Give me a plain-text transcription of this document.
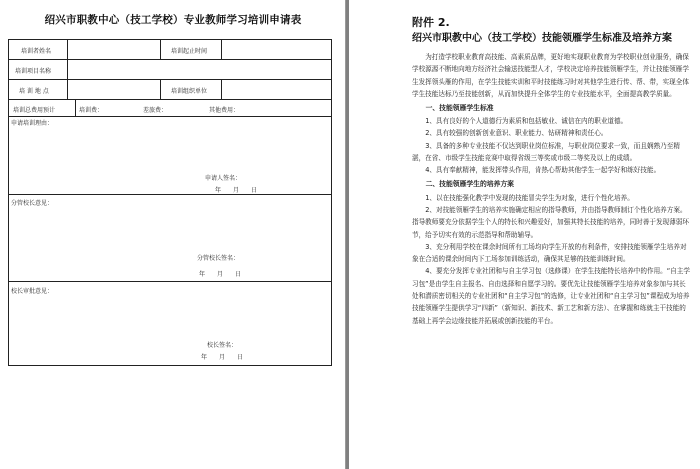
绍兴市职教中心（技工学校）专业教师学习培训申请表
培训者姓名	培训起止时间
培训项目名称
培 训 地 点	培训组织单位
培训总费用预计	培训费：	差旅费：	其他费用：
申请培训理由：
申请人签名：
年　　月　　日
分管校长意见：
分管校长签名：
年　　月　　日
校长审批意见：
校长签名：
年　　月　　日
附件 2.
绍兴市职教中心（技工学校）技能领雁学生标准及培养方案

为打造学校职业教育高技能、高素质品牌，更好地实现职业教育为学校职业创业服务，确保学校源源不断地向地方经济社会输送技能型人才，学校决定培养技能领雁学生，并让技能领雁学生发挥领头雁的作用，在学生技能实训和平时技能练习时对其他学生进行传、帮、带，实现全体学生技能达标乃至技能创新，从而加快提升全体学生的专业技能水平，全面提高教学质量。

一、技能领雁学生标准

1、具有良好的个人道德行为素质和包括敏业、诚信在内的职业道德。

2、具有较强的创新创业意识、职业能力、钻研精神和责任心。

3、具备的多种专业技能不仅达到职业岗位标准，与职业岗位要求一致，而且娴熟乃至精湛，在省、市级学生技能竞赛中取得省级三等奖或市级二等奖及以上的成绩。

4、具有奉献精神，能发挥带头作用，肯热心帮助其他学生一起学好和练好技能。

二、技能领雁学生的培养方案

1、以在技能强化教学中发现的技能冒尖学生为对象，进行个性化培养。

2、对技能领雁学生的培养实施确定相应的指导教师，并由指导教师制订个性化培养方案。指导教师要充分依据学生个人的特长和兴趣爱好，加强其特长技能的培养，同时善于发现薄弱环节，给予切实有效的示范指导和帮助辅导。

3、充分利用学校在课余时间所有工场均向学生开放的有利条件，安排技能领雁学生培养对象在合适的课余时间内下工场参加训练活动，确保其足够的技能训练时间。

4、要充分发挥专业社团和与自主学习包（选修课）在学生技能特长培养中的作用。“自主学习包”是由学生自主报名、自由选择和自愿学习的。要优先让技能领雁学生培养对象参加与其长处和潜质密切相关的专业社团和“自主学习包”的选修，让专业社团和“自主学习包”课程成为培养技能领雁学生提供学习“四新”（新知识、新技术、新工艺和新方法）、在掌握和练就主干技能的基础上再学会边缘技能并拓展或创新技能的平台。
